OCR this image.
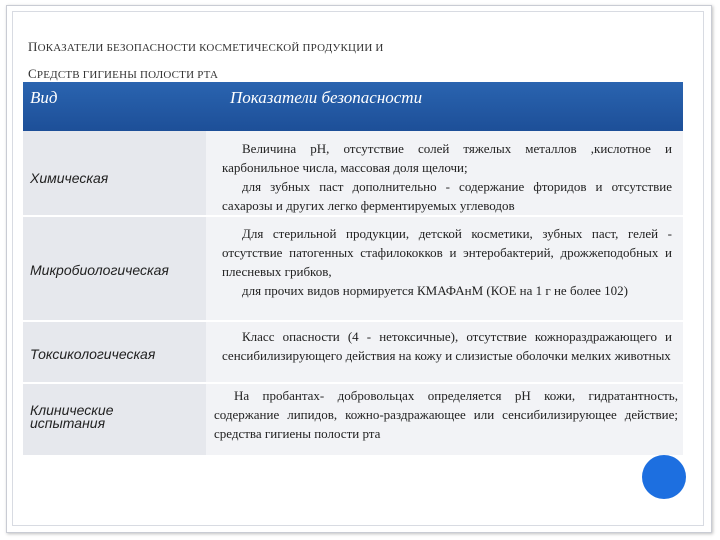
ПОКАЗАТЕЛИ БЕЗОПАСНОСТИ КОСМЕТИЧЕСКОЙ ПРОДУКЦИИ И
СРЕДСТВ ГИГИЕНЫ ПОЛОСТИ РТА
Вид	Показатели безопасности
Химическая

Величина рН, отсутствие солей тяжелых металлов ,кислотное и карбонильное числа, массовая доля щелочи;

для зубных паст дополнительно - содержание фторидов и отсутствие сахарозы и других легко ферментируемых углеводов

Микробиологическая

Для стерильной продукции, детской косметики, зубных паст, гелей - отсутствие патогенных стафилококков и энтеробактерий, дрожжеподобных и плесневых грибков,

для прочих видов нормируется КМАФАнМ (КОЕ на 1 г не более 102)

Токсикологическая

Класс опасности (4 - нетоксичные), отсутствие кожнораздражающего и сенсибилизирующего действия на кожу и слизистые оболочки мелких животных

Клинические испытания

На пробантах- добровольцах определяется рН кожи, гидратантность, содержание липидов, кожно-раздражающее или сенсибилизирующее действие; средства гигиены полости рта
